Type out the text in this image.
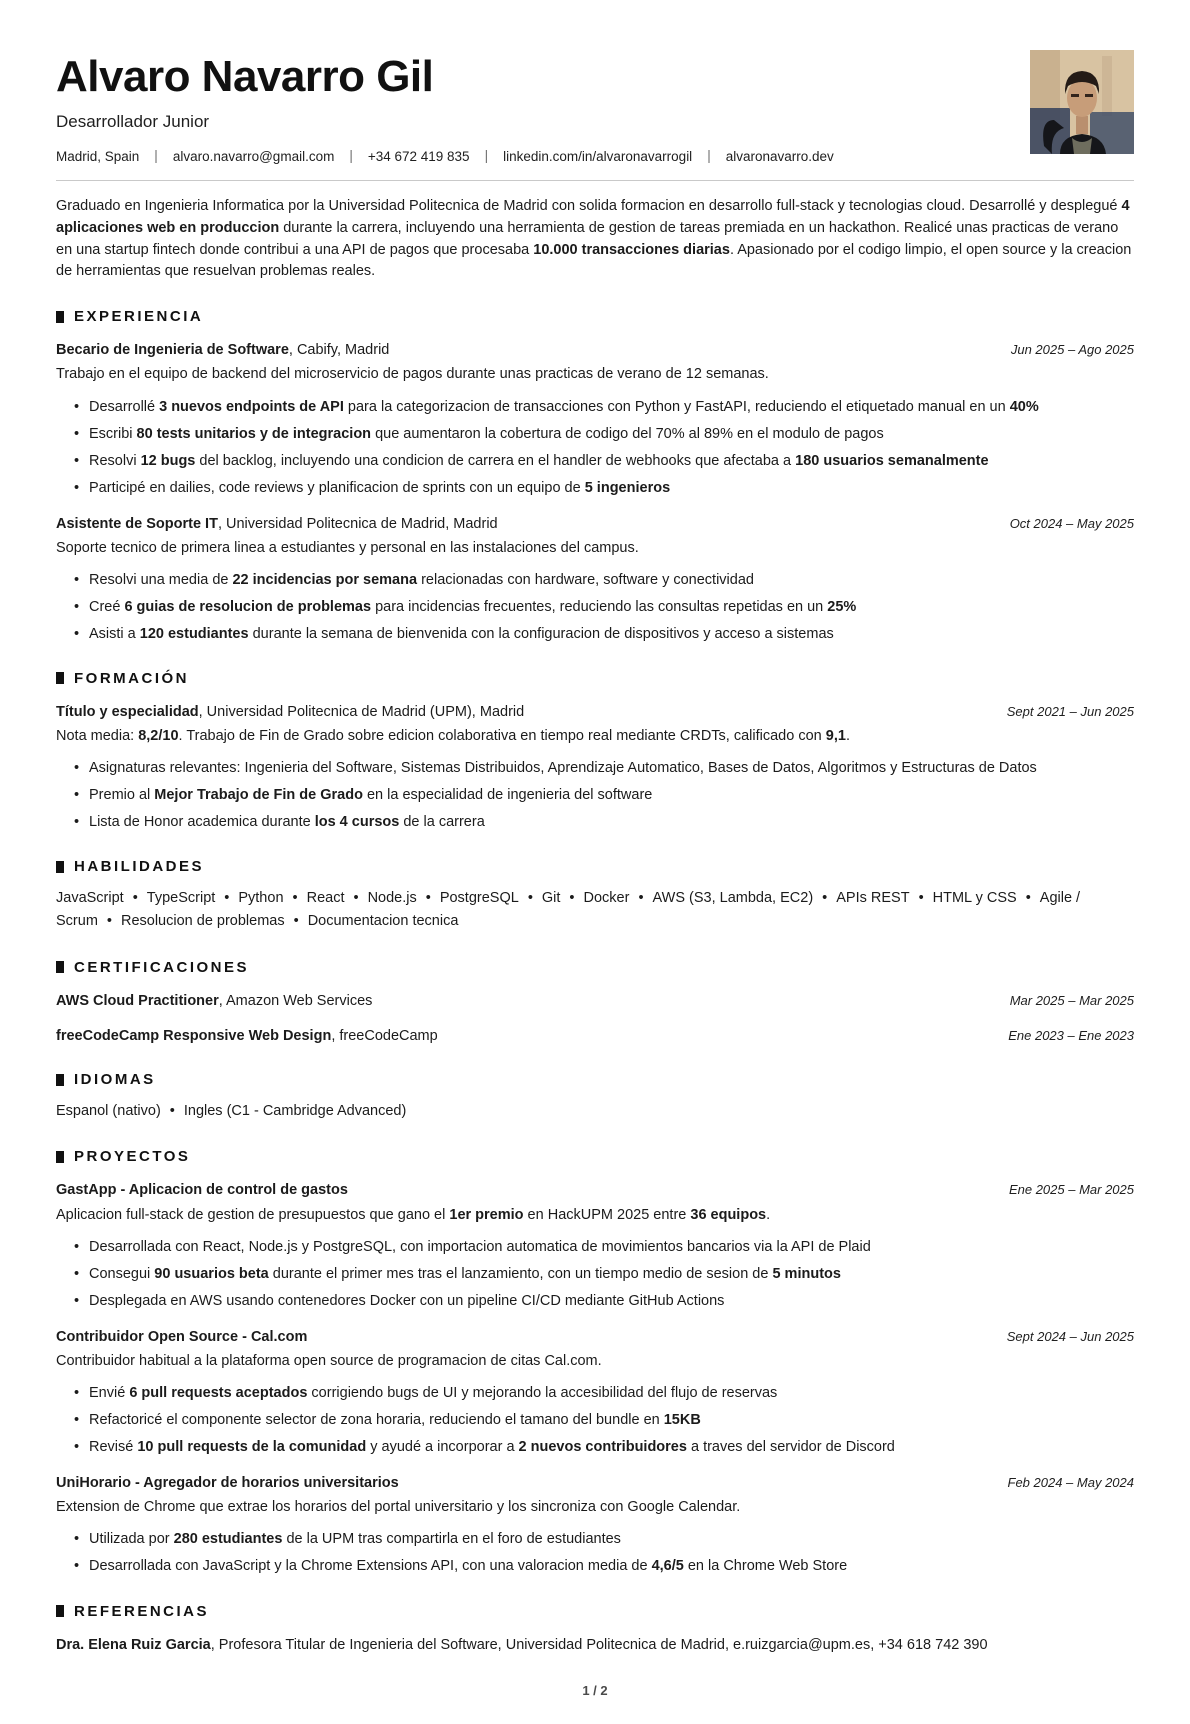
Alvaro Navarro Gil
Desarrollador Junior
Madrid, Spain | alvaro.navarro@gmail.com | +34 672 419 835 | linkedin.com/in/alvaronavarrogil | alvaronavarro.dev

Graduado en Ingenieria Informatica por la Universidad Politecnica de Madrid con solida formacion en desarrollo full-stack y tecnologias cloud. Desarrollé y desplegué 4 aplicaciones web en produccion durante la carrera, incluyendo una herramienta de gestion de tareas premiada en un hackathon. Realicé unas practicas de verano en una startup fintech donde contribui a una API de pagos que procesaba 10.000 transacciones diarias. Apasionado por el codigo limpio, el open source y la creacion de herramientas que resuelvan problemas reales.

EXPERIENCIA
Becario de Ingenieria de Software, Cabify, Madrid	Jun 2025 – Ago 2025

Trabajo en el equipo de backend del microservicio de pagos durante unas practicas de verano de 12 semanas.

• Desarrollé 3 nuevos endpoints de API para la categorizacion de transacciones con Python y FastAPI, reduciendo el etiquetado manual en un 40%
• Escribi 80 tests unitarios y de integracion que aumentaron la cobertura de codigo del 70% al 89% en el modulo de pagos
• Resolvi 12 bugs del backlog, incluyendo una condicion de carrera en el handler de webhooks que afectaba a 180 usuarios semanalmente
• Participé en dailies, code reviews y planificacion de sprints con un equipo de 5 ingenieros
Asistente de Soporte IT, Universidad Politecnica de Madrid, Madrid	Oct 2024 – May 2025

Soporte tecnico de primera linea a estudiantes y personal en las instalaciones del campus.

• Resolvi una media de 22 incidencias por semana relacionadas con hardware, software y conectividad
• Creé 6 guias de resolucion de problemas para incidencias frecuentes, reduciendo las consultas repetidas en un 25%
• Asisti a 120 estudiantes durante la semana de bienvenida con la configuracion de dispositivos y acceso a sistemas
FORMACIÓN
Título y especialidad, Universidad Politecnica de Madrid (UPM), Madrid	Sept 2021 – Jun 2025

Nota media: 8,2/10. Trabajo de Fin de Grado sobre edicion colaborativa en tiempo real mediante CRDTs, calificado con 9,1.

• Asignaturas relevantes: Ingenieria del Software, Sistemas Distribuidos, Aprendizaje Automatico, Bases de Datos, Algoritmos y Estructuras de Datos
• Premio al Mejor Trabajo de Fin de Grado en la especialidad de ingenieria del software
• Lista de Honor academica durante los 4 cursos de la carrera
HABILIDADES

JavaScript • TypeScript • Python • React • Node.js • PostgreSQL • Git • Docker • AWS (S3, Lambda, EC2) • APIs REST • HTML y CSS • Agile / Scrum • Resolucion de problemas • Documentacion tecnica

CERTIFICACIONES
AWS Cloud Practitioner, Amazon Web Services	Mar 2025 – Mar 2025
freeCodeCamp Responsive Web Design, freeCodeCamp	Ene 2023 – Ene 2023
IDIOMAS

Espanol (nativo) • Ingles (C1 - Cambridge Advanced)

PROYECTOS
GastApp - Aplicacion de control de gastos	Ene 2025 – Mar 2025

Aplicacion full-stack de gestion de presupuestos que gano el 1er premio en HackUPM 2025 entre 36 equipos.

• Desarrollada con React, Node.js y PostgreSQL, con importacion automatica de movimientos bancarios via la API de Plaid
• Consegui 90 usuarios beta durante el primer mes tras el lanzamiento, con un tiempo medio de sesion de 5 minutos
• Desplegada en AWS usando contenedores Docker con un pipeline CI/CD mediante GitHub Actions
Contribuidor Open Source - Cal.com	Sept 2024 – Jun 2025

Contribuidor habitual a la plataforma open source de programacion de citas Cal.com.

• Envié 6 pull requests aceptados corrigiendo bugs de UI y mejorando la accesibilidad del flujo de reservas
• Refactoricé el componente selector de zona horaria, reduciendo el tamano del bundle en 15KB
• Revisé 10 pull requests de la comunidad y ayudé a incorporar a 2 nuevos contribuidores a traves del servidor de Discord
UniHorario - Agregador de horarios universitarios	Feb 2024 – May 2024

Extension de Chrome que extrae los horarios del portal universitario y los sincroniza con Google Calendar.

• Utilizada por 280 estudiantes de la UPM tras compartirla en el foro de estudiantes
• Desarrollada con JavaScript y la Chrome Extensions API, con una valoracion media de 4,6/5 en la Chrome Web Store
REFERENCIAS
Dra. Elena Ruiz Garcia, Profesora Titular de Ingenieria del Software, Universidad Politecnica de Madrid, e.ruizgarcia@upm.es, +34 618 742 390
1 / 2
